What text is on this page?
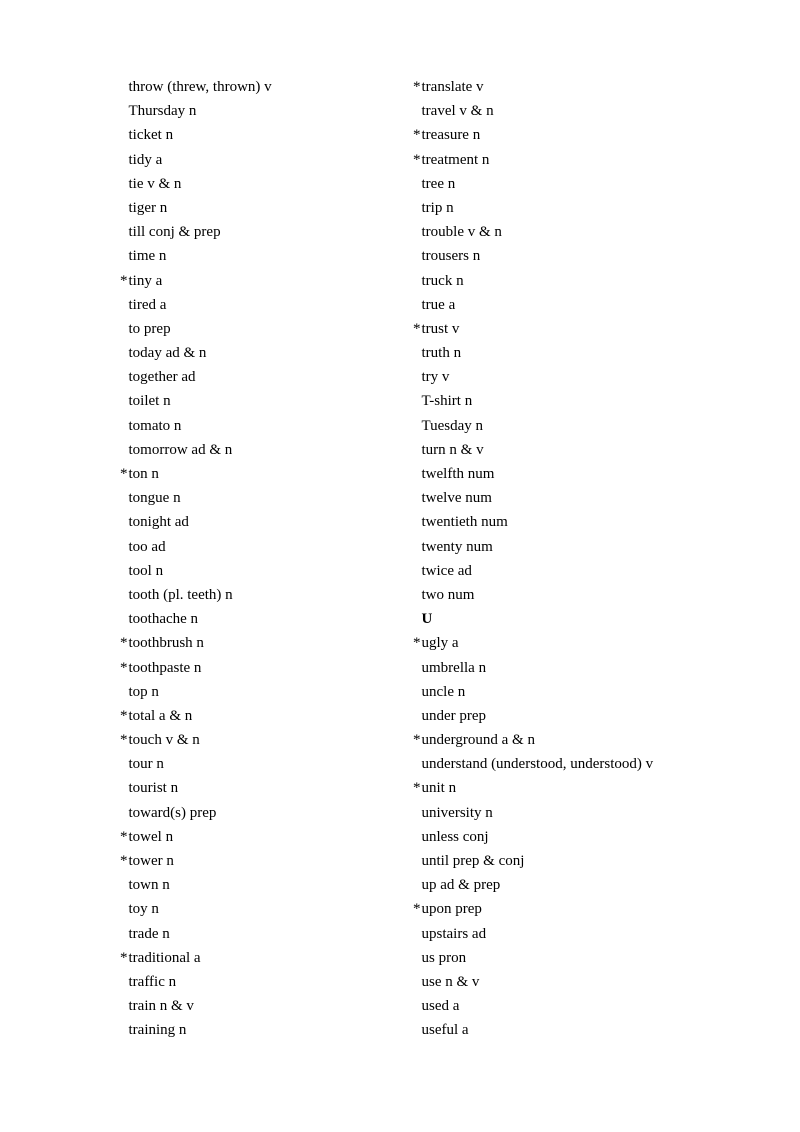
throw (threw, thrown) v
Thursday n
ticket n
tidy a
tie v & n
tiger n
till conj & prep
time n
*tiny a
tired a
to prep
today ad & n
together ad
toilet n
tomato n
tomorrow ad & n
*ton n
tongue n
tonight ad
too ad
tool n
tooth (pl. teeth) n
toothache n
*toothbrush n
*toothpaste n
top n
*total a & n
*touch v & n
tour n
tourist n
toward(s) prep
*towel n
*tower n
town n
toy n
trade n
*traditional a
traffic n
train n & v
training n
*translate v
travel v & n
*treasure n
*treatment n
tree n
trip n
trouble v & n
trousers n
truck n
true a
*trust v
truth n
try v
T-shirt n
Tuesday n
turn n & v
twelfth num
twelve num
twentieth num
twenty num
twice ad
two num
U
*ugly a
umbrella n
uncle n
under prep
*underground a & n
understand (understood, understood) v
*unit n
university n
unless conj
until prep & conj
up ad & prep
*upon prep
upstairs ad
us pron
use n & v
used a
useful a
